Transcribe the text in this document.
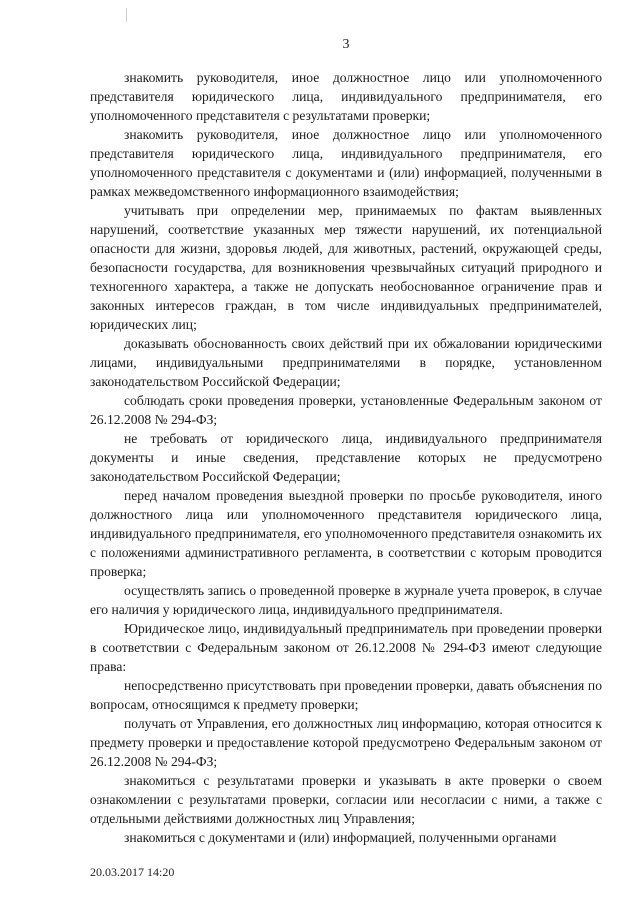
3

знакомить руководителя, иное должностное лицо или уполномоченного представителя юридического лица, индивидуального предпринимателя, его уполномоченного представителя с результатами проверки;

знакомить руководителя, иное должностное лицо или уполномоченного представителя юридического лица, индивидуального предпринимателя, его уполномоченного представителя с документами и (или) информацией, полученными в рамках межведомственного информационного взаимодействия;

учитывать при определении мер, принимаемых по фактам выявленных нарушений, соответствие указанных мер тяжести нарушений, их потенциальной опасности для жизни, здоровья людей, для животных, растений, окружающей среды, безопасности государства, для возникновения чрезвычайных ситуаций природного и техногенного характера, а также не допускать необоснованное ограничение прав и законных интересов граждан, в том числе индивидуальных предпринимателей, юридических лиц;

доказывать обоснованность своих действий при их обжаловании юридическими лицами, индивидуальными предпринимателями в порядке, установленном законодательством Российской Федерации;

соблюдать сроки проведения проверки, установленные Федеральным законом от 26.12.2008 № 294-ФЗ;

не требовать от юридического лица, индивидуального предпринимателя документы и иные сведения, представление которых не предусмотрено законодательством Российской Федерации;

перед началом проведения выездной проверки по просьбе руководителя, иного должностного лица или уполномоченного представителя юридического лица, индивидуального предпринимателя, его уполномоченного представителя ознакомить их с положениями административного регламента, в соответствии с которым проводится проверка;

осуществлять запись о проведенной проверке в журнале учета проверок, в случае его наличия у юридического лица, индивидуального предпринимателя.

Юридическое лицо, индивидуальный предприниматель при проведении проверки в соответствии с Федеральным законом от 26.12.2008 № 294-ФЗ имеют следующие права:

непосредственно присутствовать при проведении проверки, давать объяснения по вопросам, относящимся к предмету проверки;

получать от Управления, его должностных лиц информацию, которая относится к предмету проверки и предоставление которой предусмотрено Федеральным законом от 26.12.2008 № 294-ФЗ;

знакомиться с результатами проверки и указывать в акте проверки о своем ознакомлении с результатами проверки, согласии или несогласии с ними, а также с отдельными действиями должностных лиц Управления;

знакомиться с документами и (или) информацией, полученными органами

20.03.2017 14:20
